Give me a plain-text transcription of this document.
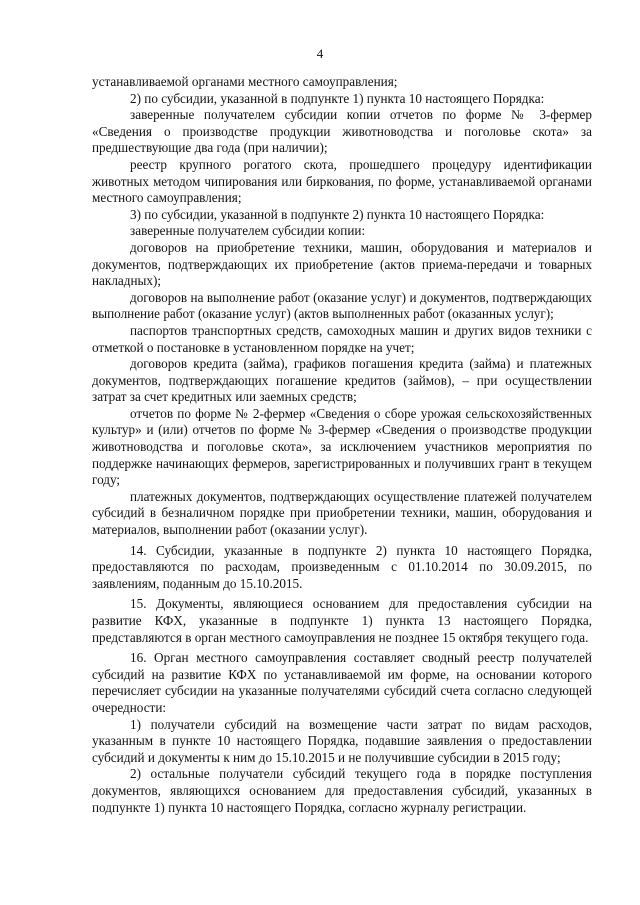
4

устанавливаемой органами местного самоуправления;

2) по субсидии, указанной в подпункте 1) пункта 10 настоящего Порядка:

заверенные получателем субсидии копии отчетов по форме № 3-фермер «Сведения о производстве продукции животноводства и поголовье скота» за предшествующие два года (при наличии);

реестр крупного рогатого скота, прошедшего процедуру идентификации животных методом чипирования или биркования, по форме, устанавливаемой органами местного самоуправления;

3) по субсидии, указанной в подпункте 2) пункта 10 настоящего Порядка:

заверенные получателем субсидии копии:

договоров на приобретение техники, машин, оборудования и материалов и документов, подтверждающих их приобретение (актов приема-передачи и товарных накладных);

договоров на выполнение работ (оказание услуг) и документов, подтверждающих выполнение работ (оказание услуг) (актов выполненных работ (оказанных услуг);

паспортов транспортных средств, самоходных машин и других видов техники с отметкой о постановке в установленном порядке на учет;

договоров кредита (займа), графиков погашения кредита (займа) и платежных документов, подтверждающих погашение кредитов (займов), – при осуществлении затрат за счет кредитных или заемных средств;

отчетов по форме № 2-фермер «Сведения о сборе урожая сельскохозяйственных культур» и (или) отчетов по форме № 3-фермер «Сведения о производстве продукции животноводства и поголовье скота», за исключением участников мероприятия по поддержке начинающих фермеров, зарегистрированных и получивших грант в текущем году;

платежных документов, подтверждающих осуществление платежей получателем субсидий в безналичном порядке при приобретении техники, машин, оборудования и материалов, выполнении работ (оказании услуг).

14. Субсидии, указанные в подпункте 2) пункта 10 настоящего Порядка, предоставляются по расходам, произведенным с 01.10.2014 по 30.09.2015, по заявлениям, поданным до 15.10.2015.

15. Документы, являющиеся основанием для предоставления субсидии на развитие КФХ, указанные в подпункте 1) пункта 13 настоящего Порядка, представляются в орган местного самоуправления не позднее 15 октября текущего года.

16. Орган местного самоуправления составляет сводный реестр получателей субсидий на развитие КФХ по устанавливаемой им форме, на основании которого перечисляет субсидии на указанные получателями субсидий счета согласно следующей очередности:

1) получатели субсидий на возмещение части затрат по видам расходов, указанным в пункте 10 настоящего Порядка, подавшие заявления о предоставлении субсидий и документы к ним до 15.10.2015 и не получившие субсидии в 2015 году;

2) остальные получатели субсидий текущего года в порядке поступления документов, являющихся основанием для предоставления субсидий, указанных в подпункте 1) пункта 10 настоящего Порядка, согласно журналу регистрации.
